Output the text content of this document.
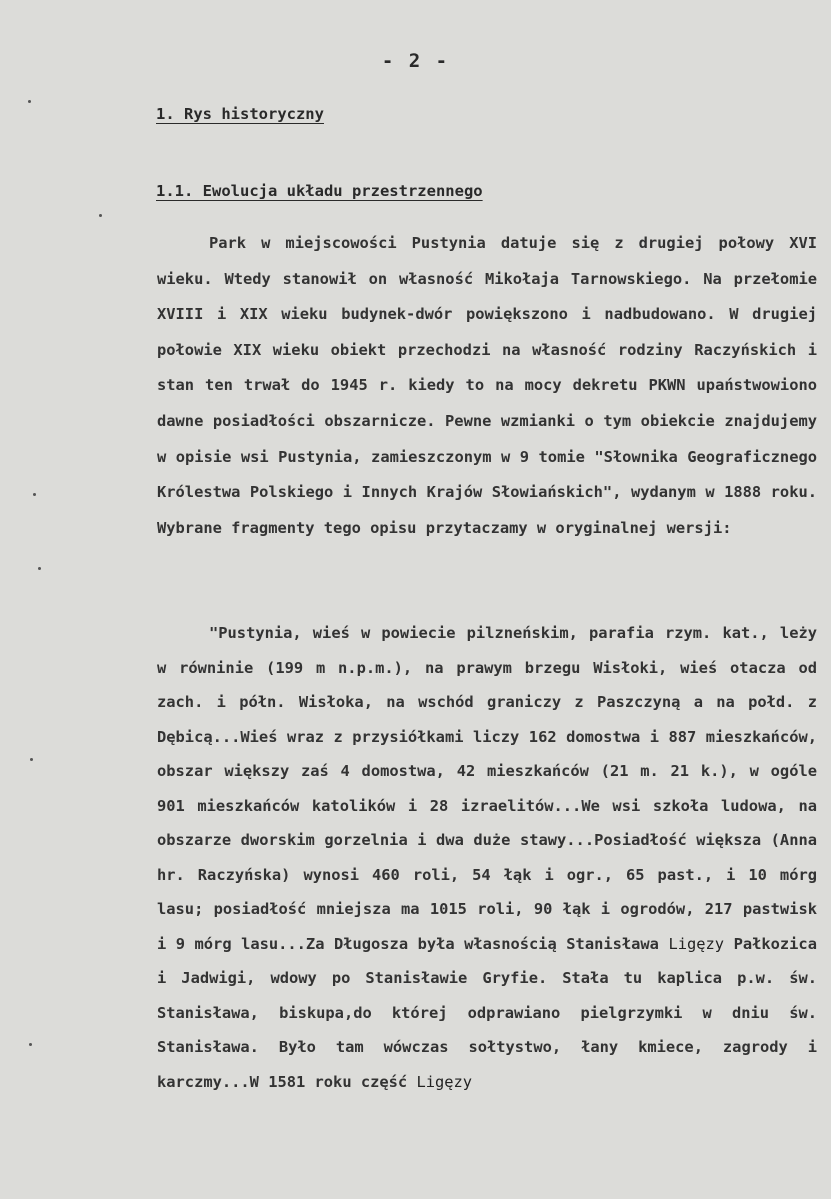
- 2 -
1. Rys historyczny
1.1. Ewolucja układu przestrzennego
Park w miejscowości Pustynia datuje się z drugiej połowy XVI wieku. Wtedy stanowił on własność Mikołaja Tarnowskiego. Na przełomie XVIII i XIX wieku budynek-dwór powiększono i nadbudowano. W drugiej połowie XIX wieku obiekt przechodzi na własność rodziny Raczyńskich i stan ten trwał do 1945 r. kiedy to na mocy dekretu PKWN upaństwowiono dawne posiadłości obszarnicze. Pewne wzmianki o tym obiekcie znajdujemy w opisie wsi Pustynia, zamieszczonym w 9 tomie "Słownika Geograficznego Królestwa Polskiego i Innych Krajów Słowiańskich", wydanym w 1888 roku. Wybrane fragmenty tego opisu przytaczamy w oryginalnej wersji:
"Pustynia, wieś w powiecie pilzneńskim, parafia rzym. kat., leży w równinie (199 m n.p.m.), na prawym brzegu Wisłoki, wieś otacza od zach. i półn. Wisłoka, na wschód graniczy z Paszczyną a na połd. z Dębicą...Wieś wraz z przysiółkami liczy 162 domostwa i 887 mieszkańców, obszar większy zaś 4 domostwa, 42 mieszkańców (21 m. 21 k.), w ogóle 901 mieszkańców katolików i 28 izraelitów...We wsi szkoła ludowa, na obszarze dworskim gorzelnia i dwa duże stawy...Posiadłość większa (Anna hr. Raczyńska) wynosi 460 roli, 54 łąk i ogr., 65 past., i 10 mórg lasu; posiadłość mniejsza ma 1015 roli, 90 łąk i ogrodów, 217 pastwisk i 9 mórg lasu...Za Długosza była własnością Stanisława Ligęzy Pałkozica i Jadwigi, wdowy po Stanisławie Gryfie. Stała tu kaplica p.w. św. Stanisława, biskupa,do której odprawiano pielgrzymki w dniu św. Stanisława. Było tam wówczas sołtystwo, łany kmiece, zagrody i karczmy...W 1581 roku część Ligęzy
